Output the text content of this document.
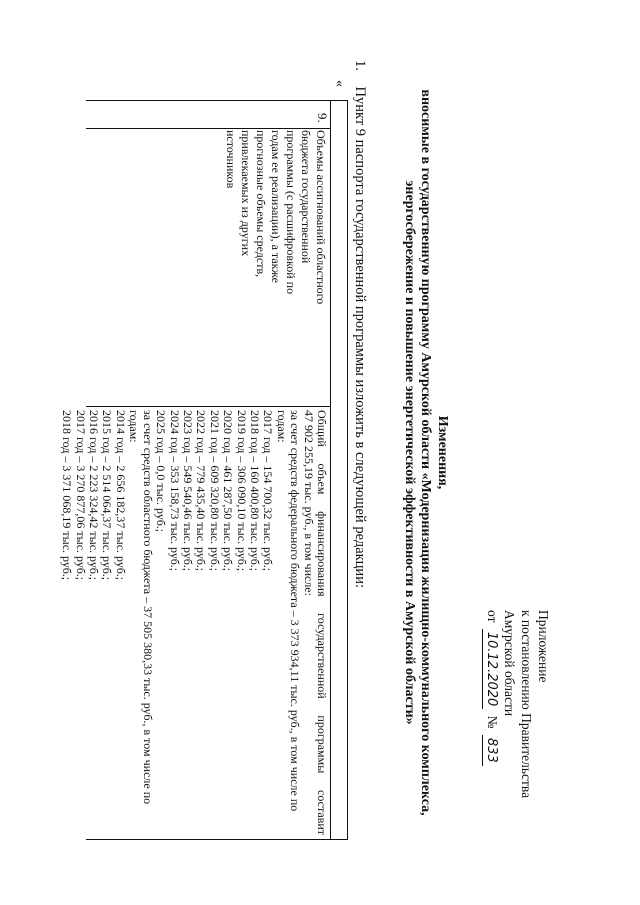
Приложение
к постановлению Правительства
Амурской области
от 10.12.2020 № 833
Изменения,
вносимые в государственную программу Амурской области «Модернизация жилищно-коммунального комплекса,
энергосбережение и повышение энергетической эффективности в Амурской области»
1. Пункт 9 паспорта государственной программы изложить в следующей редакции:
«
9.
Объемы ассигнований областного бюджета государственной программы (с расшифровкой по годам ее реализации), а также прогнозные объемы средств, привлекаемых из других источников
Общий
объем
финансирования
государственной
программы
составит
47 902 255,19 тыс. руб., в том числе:
за счет средств федерального бюджета – 3 373 934,11 тыс. руб., в том числе по
годам:
2017 год – 154 700,32 тыс. руб.;
2018 год – 160 400,80 тыс. руб.;
2019 год – 306 090,10 тыс. руб.;
2020 год – 461 287,50 тыс. руб.;
2021 год – 609 320,80 тыс. руб.;
2022 год – 779 435,40 тыс. руб.;
2023 год – 549 540,46 тыс. руб.;
2024 год – 353 158,73 тыс. руб.;
2025 год – 0,0 тыс. руб.;
за счет средств областного бюджета – 37 505 380,33 тыс. руб., в том числе по
годам:
2014 год – 2 656 182,37 тыс. руб.;
2015 год – 2 514 064,37 тыс. руб.;
2016 год – 2 223 324,42 тыс. руб.;
2017 год – 3 270 877,06 тыс. руб.;
2018 год – 3 371 068,19 тыс. руб.;
